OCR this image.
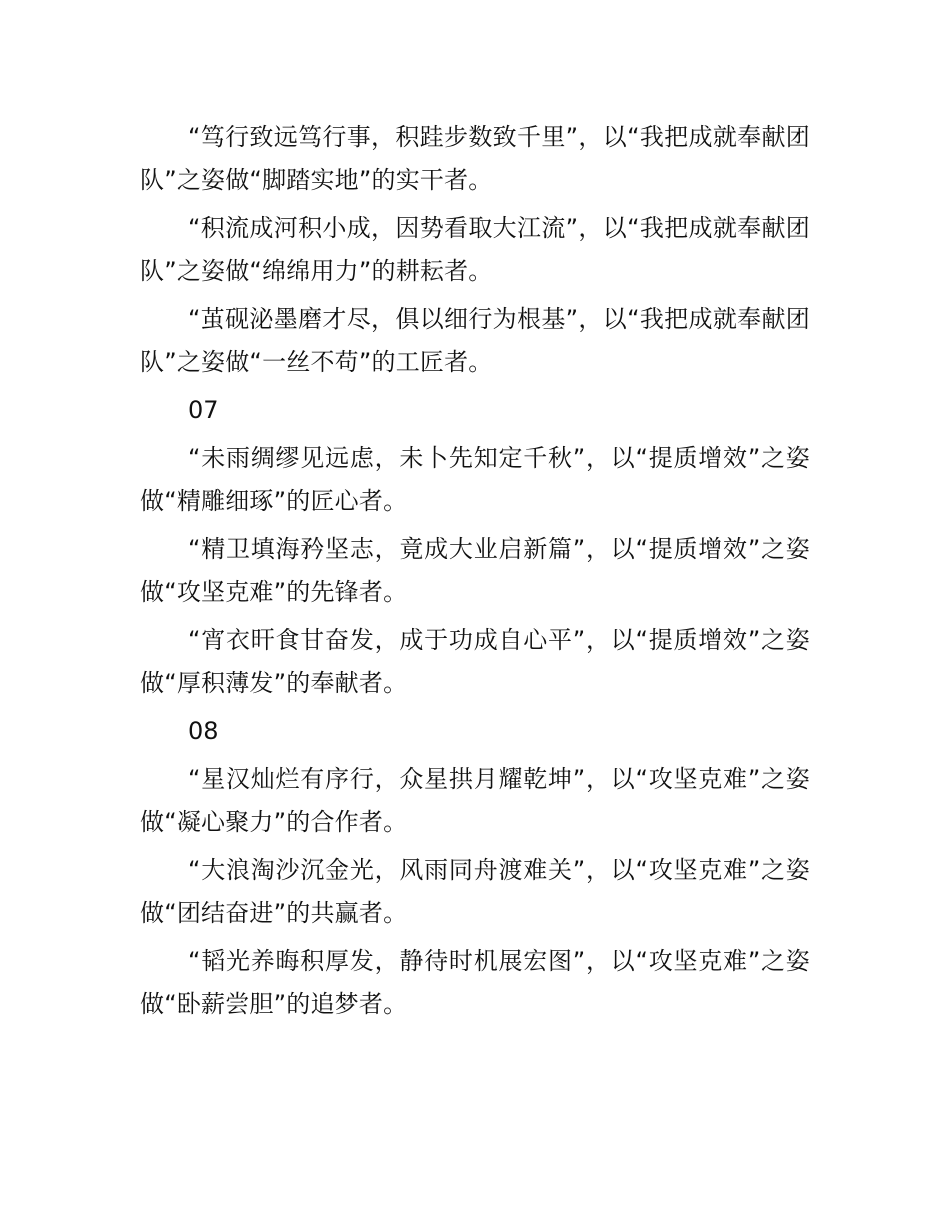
“笃行致远笃行事，积跬步数致千里”，以“我把成就奉献团队”之姿做“脚踏实地”的实干者。

“积流成河积小成，因势看取大江流”，以“我把成就奉献团队”之姿做“绵绵用力”的耕耘者。

“茧砚泌墨磨才尽，俱以细行为根基”，以“我把成就奉献团队”之姿做“一丝不苟”的工匠者。

07

“未雨绸缪见远虑，未卜先知定千秋”，以“提质增效”之姿做“精雕细琢”的匠心者。

“精卫填海矜坚志，竟成大业启新篇”，以“提质增效”之姿做“攻坚克难”的先锋者。

“宵衣旰食甘奋发，成于功成自心平”，以“提质增效”之姿做“厚积薄发”的奉献者。

08

“星汉灿烂有序行，众星拱月耀乾坤”，以“攻坚克难”之姿做“凝心聚力”的合作者。

“大浪淘沙沉金光，风雨同舟渡难关”，以“攻坚克难”之姿做“团结奋进”的共赢者。

“韬光养晦积厚发，静待时机展宏图”，以“攻坚克难”之姿做“卧薪尝胆”的追梦者。
